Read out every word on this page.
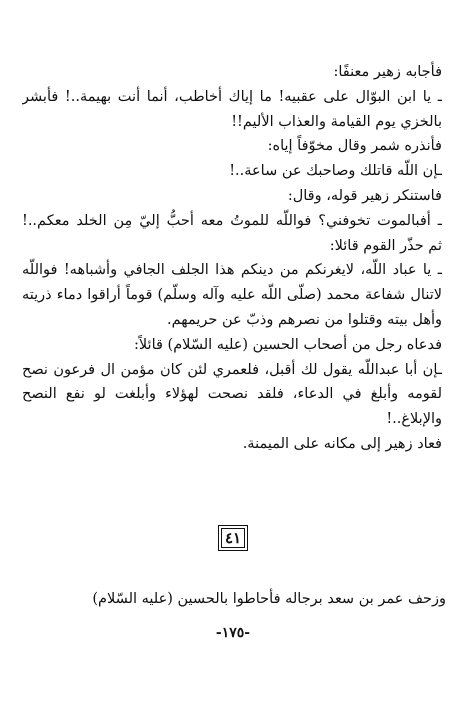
فأجابه زهير معنفًا:
ـ يا ابن البوّال على عقبيه! ما إياك أخاطب، أنما أنت بهيمة..! فأبشر
بالخزي يوم القيامة والعذاب الأليم!!
فأنذره شمر وقال مخوّفاً إياه:
ـإن اللّه قاتلك وصاحبك عن ساعة..!
فاستنكر زهير قوله، وقال:
ـ أفبالموت تخوفني؟ فواللّه للموتُ معه أحبُّ إليّ مِن الخلد معكم..!
ثم حذّر القوم قائلا:
ـ يا عباد اللّه، لايغرنكم من دينكم هذا الجلف الجافي وأشباهه! فواللّه
لاتنال شفاعة محمد (صلّى اللّه عليه وآله وسلّم) قوماً أراقوا دماء ذريته
وأهل بيته وقتلوا من نصرهم وذبّ عن حريمهم.
فدعاه رجل من أصحاب الحسين (عليه السّلام) قائلاً:
ـإن أبا عبداللّه يقول لك أقبل، فلعمري لئن كان مؤمن ال فرعون نصح
لقومه وأبلغ في الدعاء، فلقد نصحت لهؤلاء وأبلغت لو نفع النصح
والإبلاغ..!
فعاد زهير إلى مكانه على الميمنة.
٤١
وزحف عمر بن سعد برجاله فأحاطوا بالحسين (عليه السّلام)
-١٧٥-
